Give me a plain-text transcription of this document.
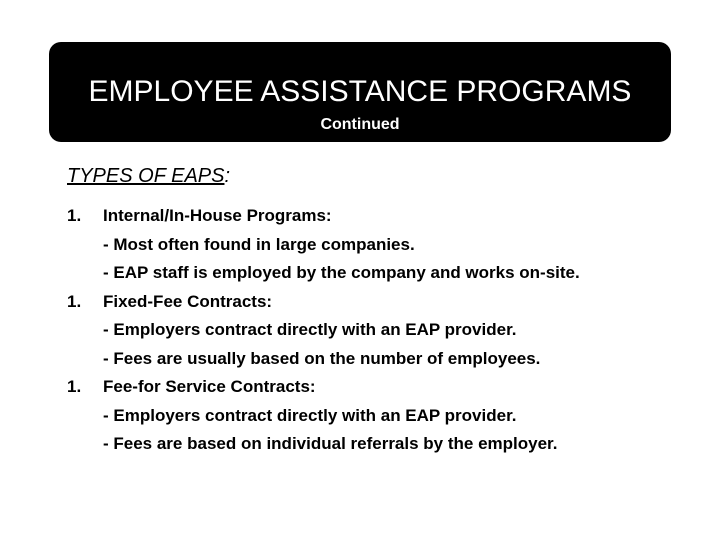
EMPLOYEE ASSISTANCE PROGRAMS
Continued
TYPES OF EAPS:
1.	Internal/In-House Programs:
- Most often found in large companies.
- EAP staff is employed by the company and works on-site.
1.	Fixed-Fee Contracts:
- Employers contract directly with an EAP provider.
- Fees are usually based on the number of employees.
1.	Fee-for Service Contracts:
- Employers contract directly with an EAP provider.
- Fees are based on individual referrals by the employer.
